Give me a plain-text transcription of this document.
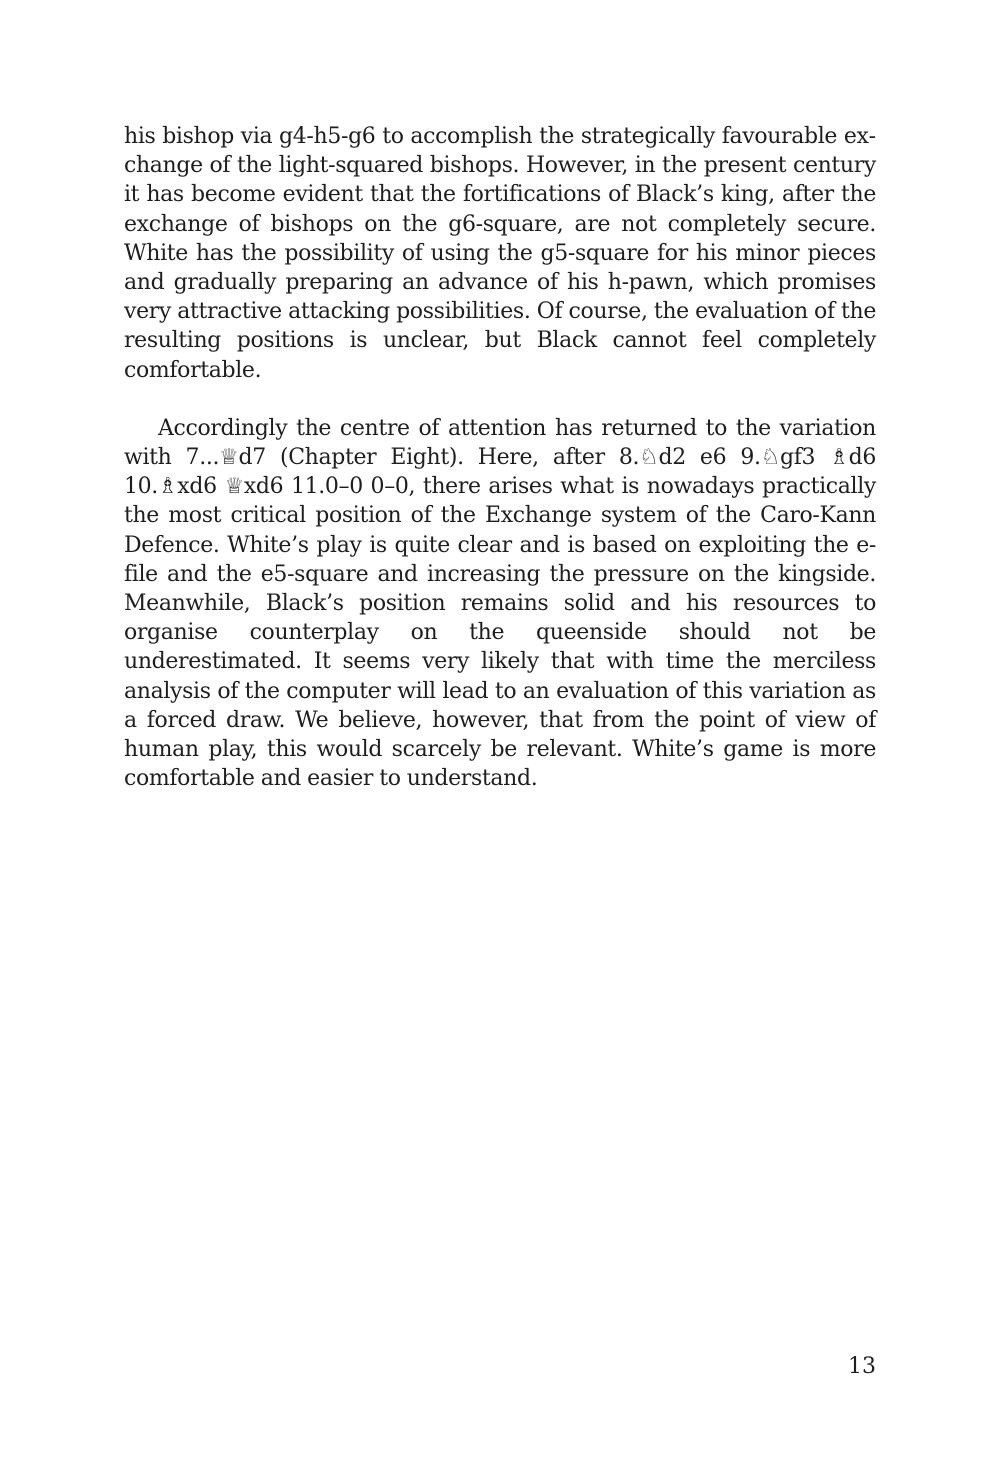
his bishop via g4-h5-g6 to accomplish the strategically favourable exchange of the light-squared bishops. However, in the present century it has become evident that the fortifications of Black’s king, after the exchange of bishops on the g6-square, are not completely secure. White has the possibility of using the g5-square for his minor pieces and gradually preparing an advance of his h-pawn, which promises very attractive attacking possibilities. Of course, the evaluation of the resulting positions is unclear, but Black cannot feel completely comfortable.

Accordingly the centre of attention has returned to the variation with 7...♕d7 (Chapter Eight). Here, after 8.♘d2 e6 9.♘gf3 ♗d6 10.♗xd6 ♕xd6 11.0–0 0–0, there arises what is nowadays practically the most critical position of the Exchange system of the Caro-Kann Defence. White’s play is quite clear and is based on exploiting the e-file and the e5-square and increasing the pressure on the kingside. Meanwhile, Black’s position remains solid and his resources to organise counterplay on the queenside should not be underestimated. It seems very likely that with time the merciless analysis of the computer will lead to an evaluation of this variation as a forced draw. We believe, however, that from the point of view of human play, this would scarcely be relevant. White’s game is more comfortable and easier to understand.

13
